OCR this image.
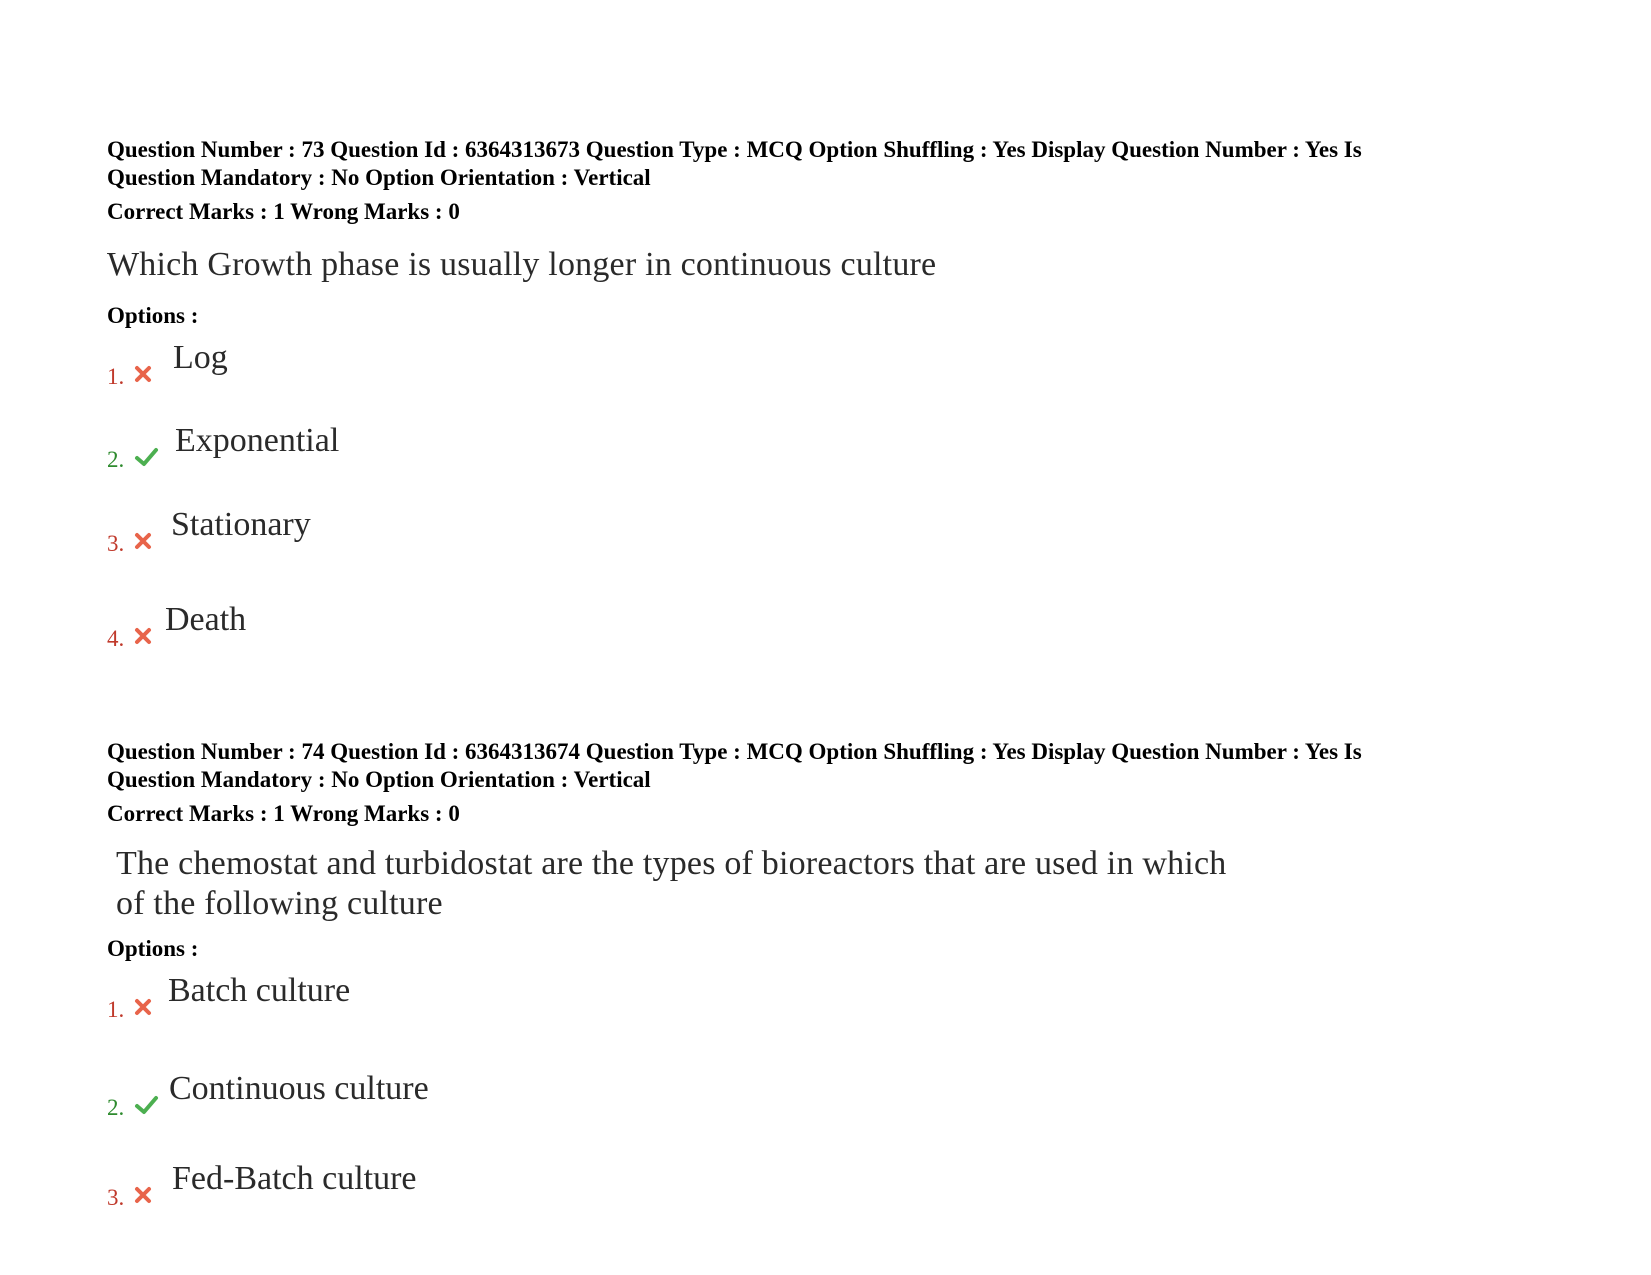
Question Number : 73 Question Id : 6364313673 Question Type : MCQ Option Shuffling : Yes Display Question Number : Yes Is
Question Mandatory : No Option Orientation : Vertical
Correct Marks : 1 Wrong Marks : 0
Which Growth phase is usually longer in continuous culture
Options :
1.
Log
2.
Exponential
3.
Stationary
4.
Death
Question Number : 74 Question Id : 6364313674 Question Type : MCQ Option Shuffling : Yes Display Question Number : Yes Is
Question Mandatory : No Option Orientation : Vertical
Correct Marks : 1 Wrong Marks : 0
The chemostat and turbidostat are the types of bioreactors that are used in which
of the following culture
Options :
1.
Batch culture
2.
Continuous culture
3.
Fed-Batch culture
